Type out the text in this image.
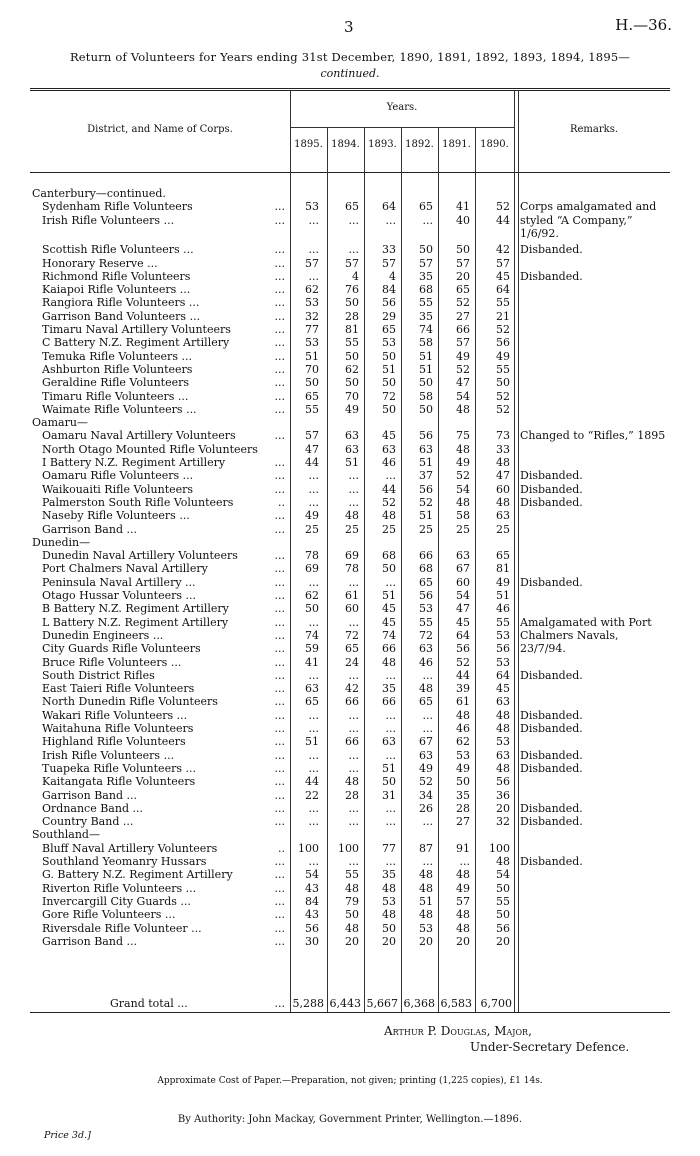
3	H.—36.
Return of Volunteers for Years ending 31st December, 1890, 1891, 1892, 1893, 1894, 1895—
continued.
District, and Name of Corps.
Years.
Remarks.
1895. 1894. 1893. 1892. 1891. 1890.
Canterbury—continued.
Sydenham Rifle Volunteers	...	53	65	64	65	41	52 Corps amalgamated and
Irish Rifle Volunteers ...	...	...	...	...	...	40	44 styled “A Company,”
1/6/92.
Scottish Rifle Volunteers ...	...	...	...	33	50	50	42 Disbanded.
Honorary Reserve ...	...	57	57	57	57	57	57
Richmond Rifle Volunteers	...	...	4	4	35	20	45 Disbanded.
Kaiapoi Rifle Volunteers ...	...	62	76	84	68	65	64
Rangiora Rifle Volunteers ...	...	53	50	56	55	52	55
Garrison Band Volunteers ...	...	32	28	29	35	27	21
Timaru Naval Artillery Volunteers	...	77	81	65	74	66	52
C Battery N.Z. Regiment Artillery	...	53	55	53	58	57	56
Temuka Rifle Volunteers ...	...	51	50	50	51	49	49
Ashburton Rifle Volunteers	...	70	62	51	51	52	55
Geraldine Rifle Volunteers	...	50	50	50	50	47	50
Timaru Rifle Volunteers ...	...	65	70	72	58	54	52
Waimate Rifle Volunteers ...	...	55	49	50	50	48	52
Oamaru—
Oamaru Naval Artillery Volunteers	...	57	63	45	56	75	73 Changed to “Rifles,” 1895
North Otago Mounted Rifle Volunteers	47	63	63	63	48	33
I Battery N.Z. Regiment Artillery	...	44	51	46	51	49	48
Oamaru Rifle Volunteers ...	...	...	...	...	37	52	47 Disbanded.
Waikouaiti Rifle Volunteers	...	...	...	44	56	54	60 Disbanded.
Palmerston South Rifle Volunteers	..	...	...	52	52	48	48 Disbanded.
Naseby Rifle Volunteers ...	...	49	48	48	51	58	63
Garrison Band ...	...	25	25	25	25	25	25
Dunedin—
Dunedin Naval Artillery Volunteers	...	78	69	68	66	63	65
Port Chalmers Naval Artillery	...	69	78	50	68	67	81
Peninsula Naval Artillery ...	...	...	...	...	65	60	49 Disbanded.
Otago Hussar Volunteers ...	...	62	61	51	56	54	51
B Battery N.Z. Regiment Artillery	...	50	60	45	53	47	46
L Battery N.Z. Regiment Artillery	...	...	...	45	55	45	55 Amalgamated with Port
Dunedin Engineers ...	...	74	72	74	72	64	53 Chalmers Navals,
City Guards Rifle Volunteers	...	59	65	66	63	56	56 23/7/94.
Bruce Rifle Volunteers ...	...	41	24	48	46	52	53
South District Rifles	...	...	...	...	...	44	64 Disbanded.
East Taieri Rifle Volunteers	...	63	42	35	48	39	45
North Dunedin Rifle Volunteers	...	65	66	66	65	61	63
Wakari Rifle Volunteers ...	...	...	...	...	...	48	48 Disbanded.
Waitahuna Rifle Volunteers	...	...	...	...	...	46	48 Disbanded.
Highland Rifle Volunteers	...	51	66	63	67	62	53
Irish Rifle Volunteers ...	...	...	...	...	63	53	63 Disbanded.
Tuapeka Rifle Volunteers ...	...	...	...	51	49	49	48 Disbanded.
Kaitangata Rifle Volunteers	...	44	48	50	52	50	56
Garrison Band ...	...	22	28	31	34	35	36
Ordnance Band ...	...	...	...	...	26	28	20 Disbanded.
Country Band ...	...	...	...	...	...	27	32 Disbanded.
Southland—
Bluff Naval Artillery Volunteers	..	100	100	77	87	91	100
Southland Yeomanry Hussars	...	...	...	...	...	...	48 Disbanded.
G. Battery N.Z. Regiment Artillery	...	54	55	35	48	48	54
Riverton Rifle Volunteers ...	...	43	48	48	48	49	50
Invercargill City Guards ...	...	84	79	53	51	57	55
Gore Rifle Volunteers ...	...	43	50	48	48	48	50
Riversdale Rifle Volunteer ...	...	56	48	50	53	48	56
Garrison Band ...	...	30	20	20	20	20	20
Grand total ...	... 5,288 6,443 5,667 6,368 6,583 6,700
Arthur P. Douglas, Major,
Under-Secretary Defence.
Approximate Cost of Paper.—Preparation, not given; printing (1,225 copies), £1 14s.
By Authority: John Mackay, Government Printer, Wellington.—1896.
Price 3d.]
